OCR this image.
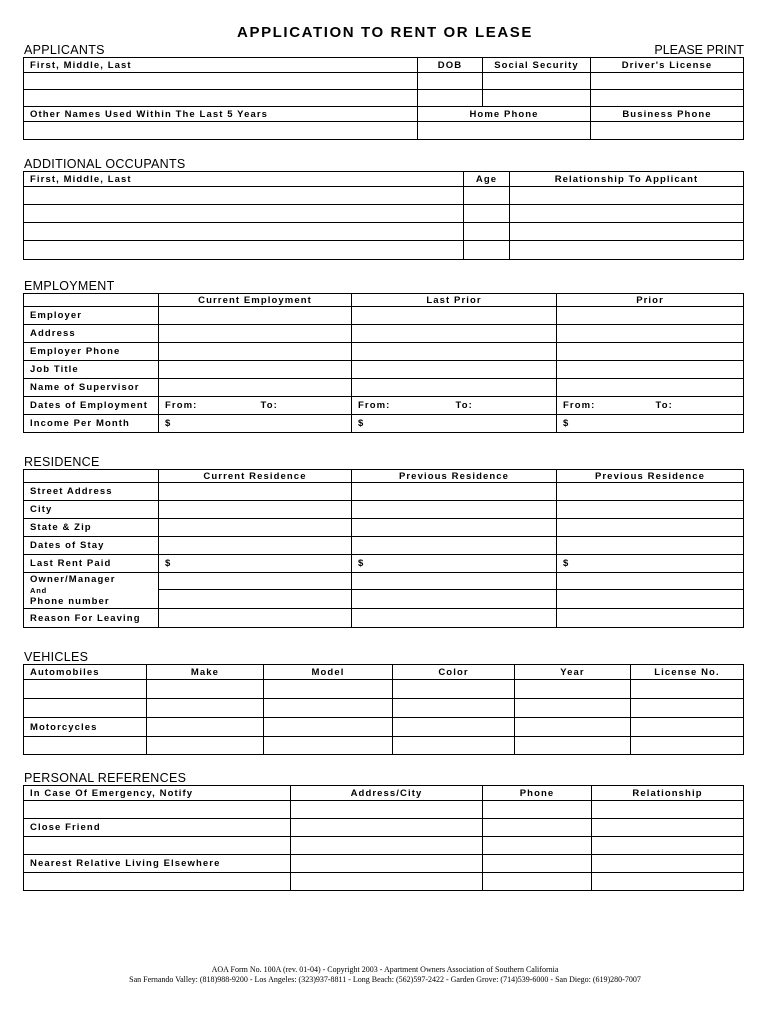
APPLICATION TO RENT OR LEASE
APPLICANTS	PLEASE PRINT
First, Middle, Last	DOB	Social Security	Driver's License

Other Names Used Within The Last 5 Years	Home Phone	Business Phone

ADDITIONAL OCCUPANTS
First, Middle, Last	Age	Relationship To Applicant

EMPLOYMENT
	Current Employment		Last Prior		Prior	
Employer						
Address						
Employer Phone						
Job Title						
Name of Supervisor						
Dates of Employment	From:	To:	From:	To:	From:	To:
Income Per Month	$		$		$	
RESIDENCE
	Current Residence	Previous Residence	Previous Residence
Street Address			
City			
State & Zip			
Dates of Stay			
Last Rent Paid	$	$	$

Owner/Manager
And
Phone number			

Reason For Leaving			
VEHICLES
Automobiles	Make	Model	Color	Year	License No.

Motorcycles					

PERSONAL REFERENCES
In Case Of Emergency, Notify	Address/City	Phone	Relationship

Close Friend			

Nearest Relative Living Elsewhere			

AOA Form No. 100A (rev. 01-04) - Copyright 2003 - Apartment Owners Association of Southern California
San Fernando Valley: (818)988-9200 - Los Angeles: (323)937-8811 - Long Beach: (562)597-2422 - Garden Grove: (714)539-6000 - San Diego: (619)280-7007
